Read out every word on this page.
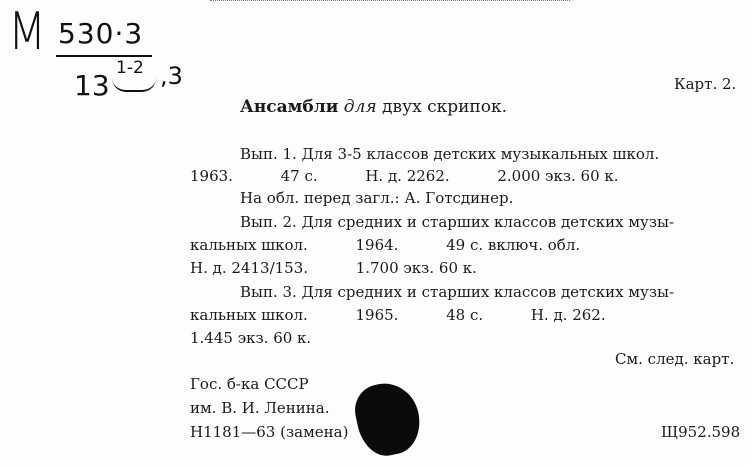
M 530·3
13
1-2 ,3	Карт. 2.
Ансамбли для двух скрипок.
Вып. 1. Для 3-5 классов детских музыкальных школ.
1963.          47 с.          Н. д. 2262.          2.000 экз. 60 к.
На обл. перед загл.: А. Готсдинер.
Вып. 2. Для средних и старших классов детских музы-
кальных школ.          1964.          49 с. включ. обл.
Н. д. 2413/153.          1.700 экз. 60 к.
Вып. 3. Для средних и старших классов детских музы-
кальных школ.          1965.          48 с.          Н. д. 262.
1.445 экз. 60 к.
См. след. карт.
Гос. б-ка СССР
им. В. И. Ленина.
Н1181—63 (замена)	Щ952.598
